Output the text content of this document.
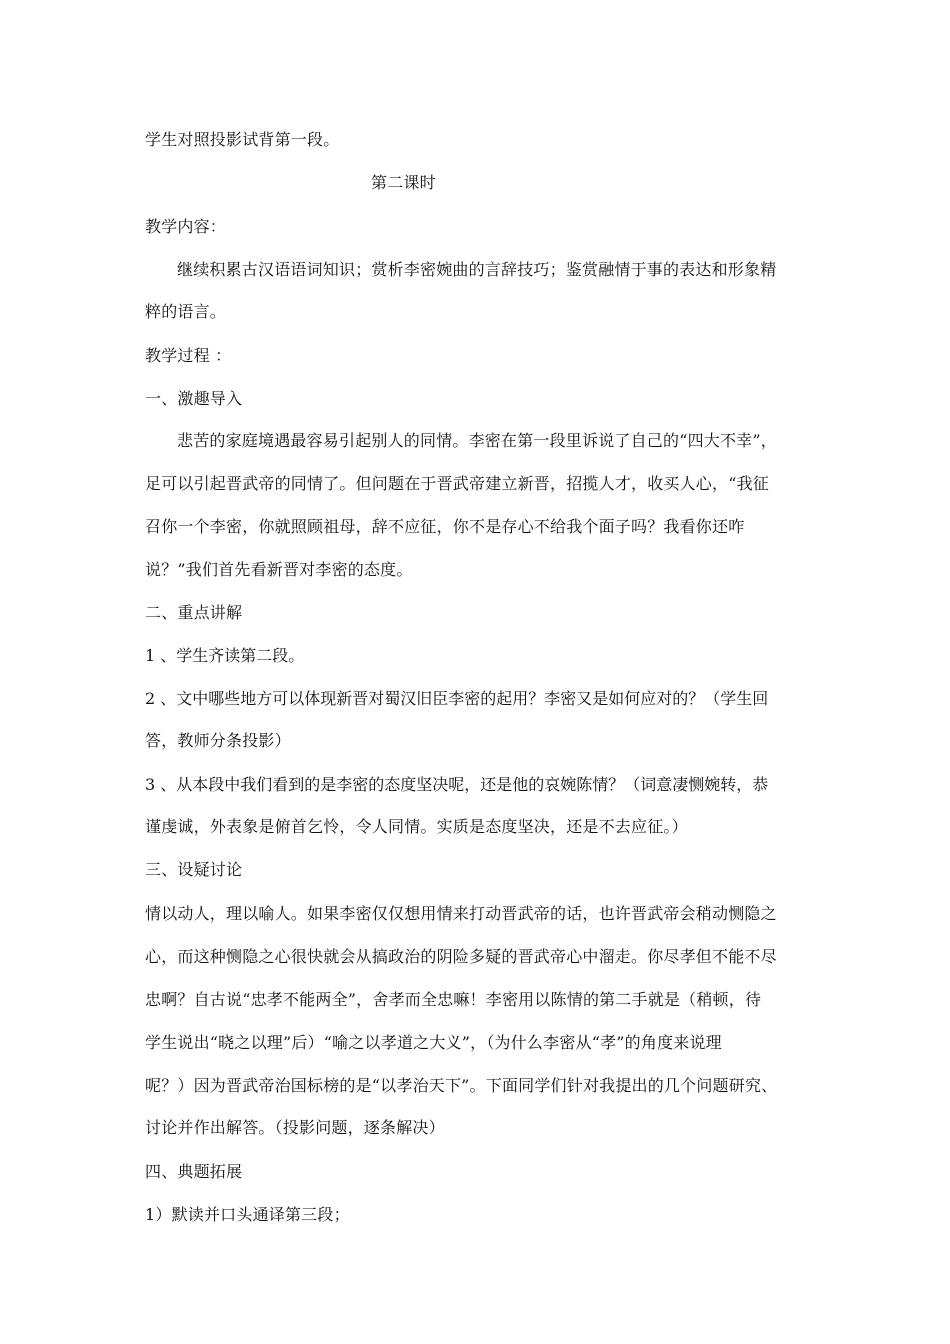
学生对照投影试背第一段。
第二课时
教学内容：
继续积累古汉语语词知识；赏析李密婉曲的言辞技巧；鉴赏融情于事的表达和形象精
粹的语言。
教学过程 ：
一、激趣导入
悲苦的家庭境遇最容易引起别人的同情。李密在第一段里诉说了自己的“四大不幸”，
足可以引起晋武帝的同情了。但问题在于晋武帝建立新晋，招揽人才，收买人心，“我征
召你一个李密，你就照顾祖母，辞不应征，你不是存心不给我个面子吗？我看你还咋
说？”我们首先看新晋对李密的态度。
二、重点讲解
1 、学生齐读第二段。
2 、文中哪些地方可以体现新晋对蜀汉旧臣李密的起用？李密又是如何应对的？（学生回
答，教师分条投影）
3 、从本段中我们看到的是李密的态度坚决呢，还是他的哀婉陈情？（词意凄恻婉转，恭
谨虔诚，外表象是俯首乞怜，令人同情。实质是态度坚决，还是不去应征。）
三、设疑讨论
情以动人，理以喻人。如果李密仅仅想用情来打动晋武帝的话，也许晋武帝会稍动恻隐之
心，而这种恻隐之心很快就会从搞政治的阴险多疑的晋武帝心中溜走。你尽孝但不能不尽
忠啊？自古说“忠孝不能两全”，舍孝而全忠嘛！李密用以陈情的第二手就是（稍顿，待
学生说出“晓之以理”后）“喻之以孝道之大义”，（为什么李密从“孝”的角度来说理
呢？）因为晋武帝治国标榜的是“以孝治天下”。下面同学们针对我提出的几个问题研究、
讨论并作出解答。（投影问题，逐条解决）
四、典题拓展
1）默读并口头通译第三段；
